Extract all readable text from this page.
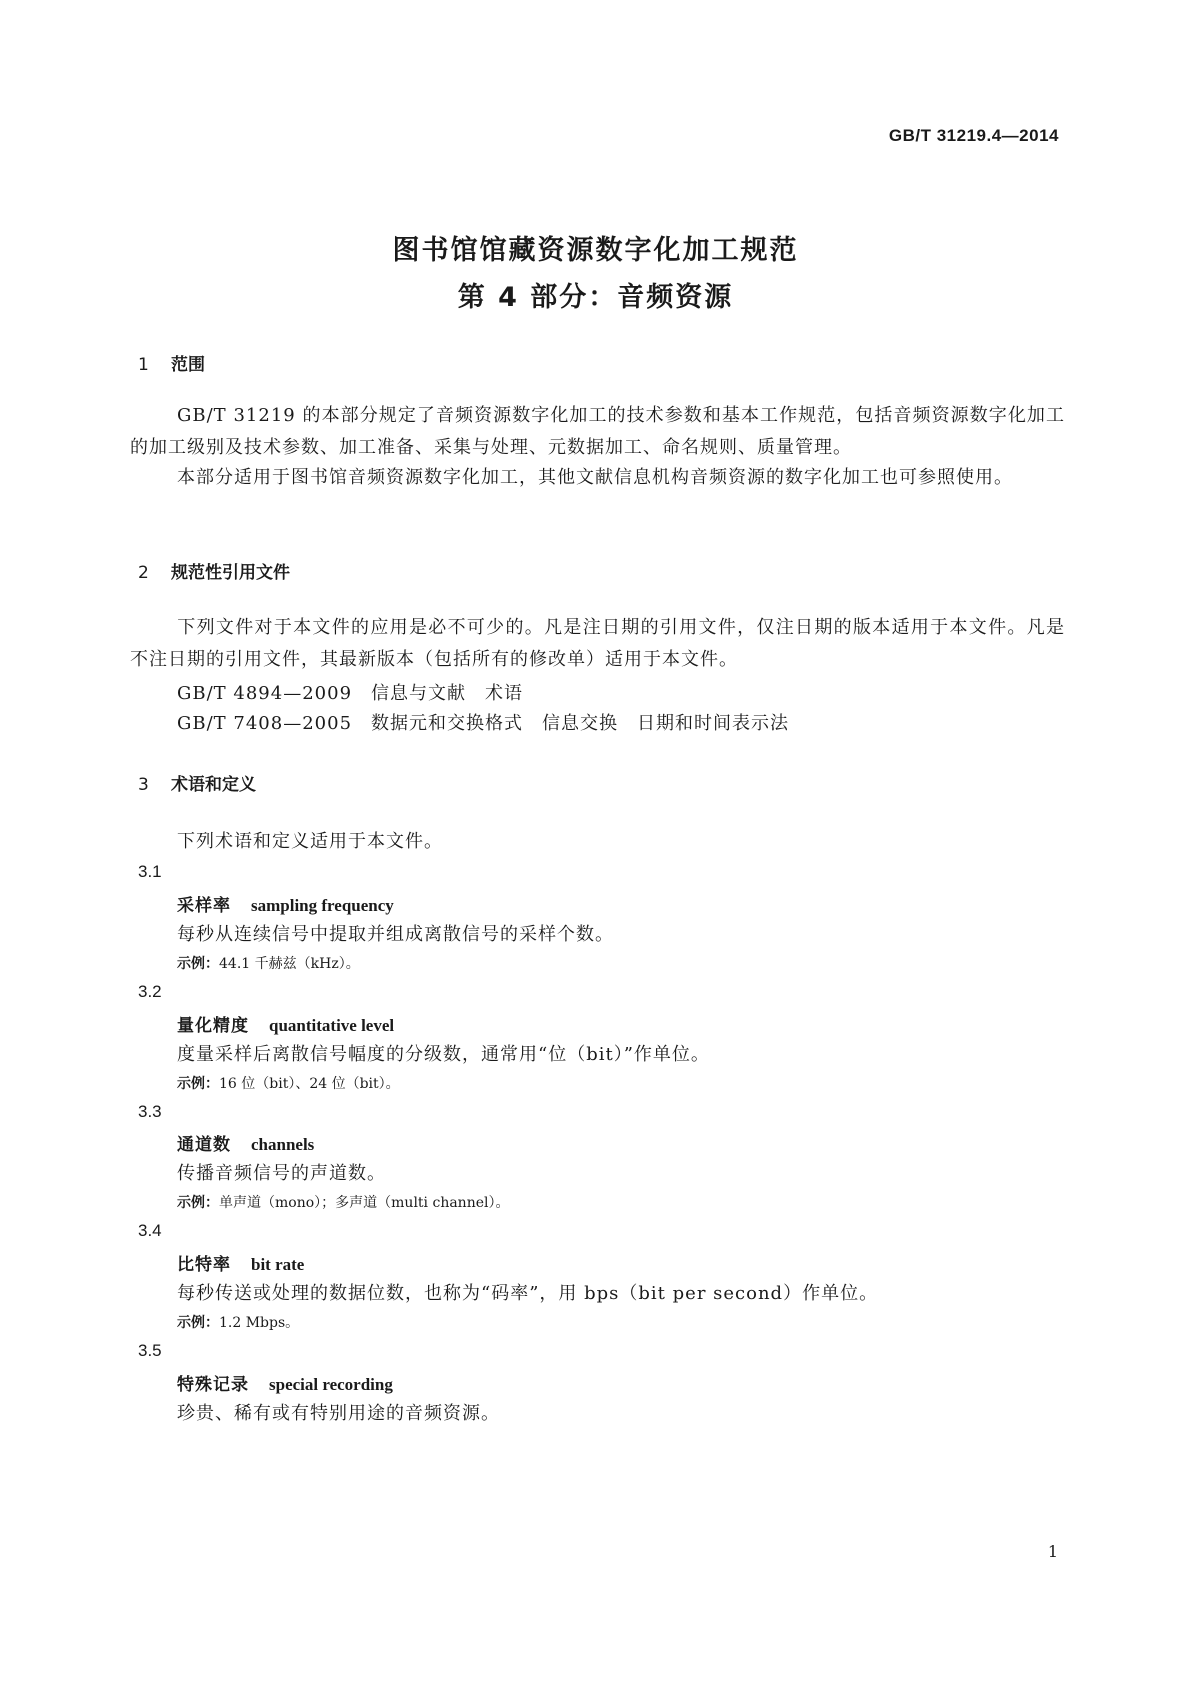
GB/T 31219.4—2014
图书馆馆藏资源数字化加工规范
第 4 部分：音频资源
1 范围
GB/T 31219 的本部分规定了音频资源数字化加工的技术参数和基本工作规范，包括音频资源数字化加工的加工级别及技术参数、加工准备、采集与处理、元数据加工、命名规则、质量管理。
本部分适用于图书馆音频资源数字化加工，其他文献信息机构音频资源的数字化加工也可参照使用。
2 规范性引用文件
下列文件对于本文件的应用是必不可少的。凡是注日期的引用文件，仅注日期的版本适用于本文件。凡是不注日期的引用文件，其最新版本（包括所有的修改单）适用于本文件。
GB/T 4894—2009　信息与文献　术语
GB/T 7408—2005　数据元和交换格式　信息交换　日期和时间表示法
3 术语和定义
下列术语和定义适用于本文件。
3.1
采样率 sampling frequency
每秒从连续信号中提取并组成离散信号的采样个数。
示例：44.1 千赫兹（kHz）。
3.2
量化精度 quantitative level
度量采样后离散信号幅度的分级数，通常用“位（bit）”作单位。
示例：16 位（bit）、24 位（bit）。
3.3
通道数 channels
传播音频信号的声道数。
示例：单声道（mono）；多声道（multi channel）。
3.4
比特率 bit rate
每秒传送或处理的数据位数，也称为“码率”，用 bps（bit per second）作单位。
示例：1.2 Mbps。
3.5
特殊记录 special recording
珍贵、稀有或有特别用途的音频资源。
1
